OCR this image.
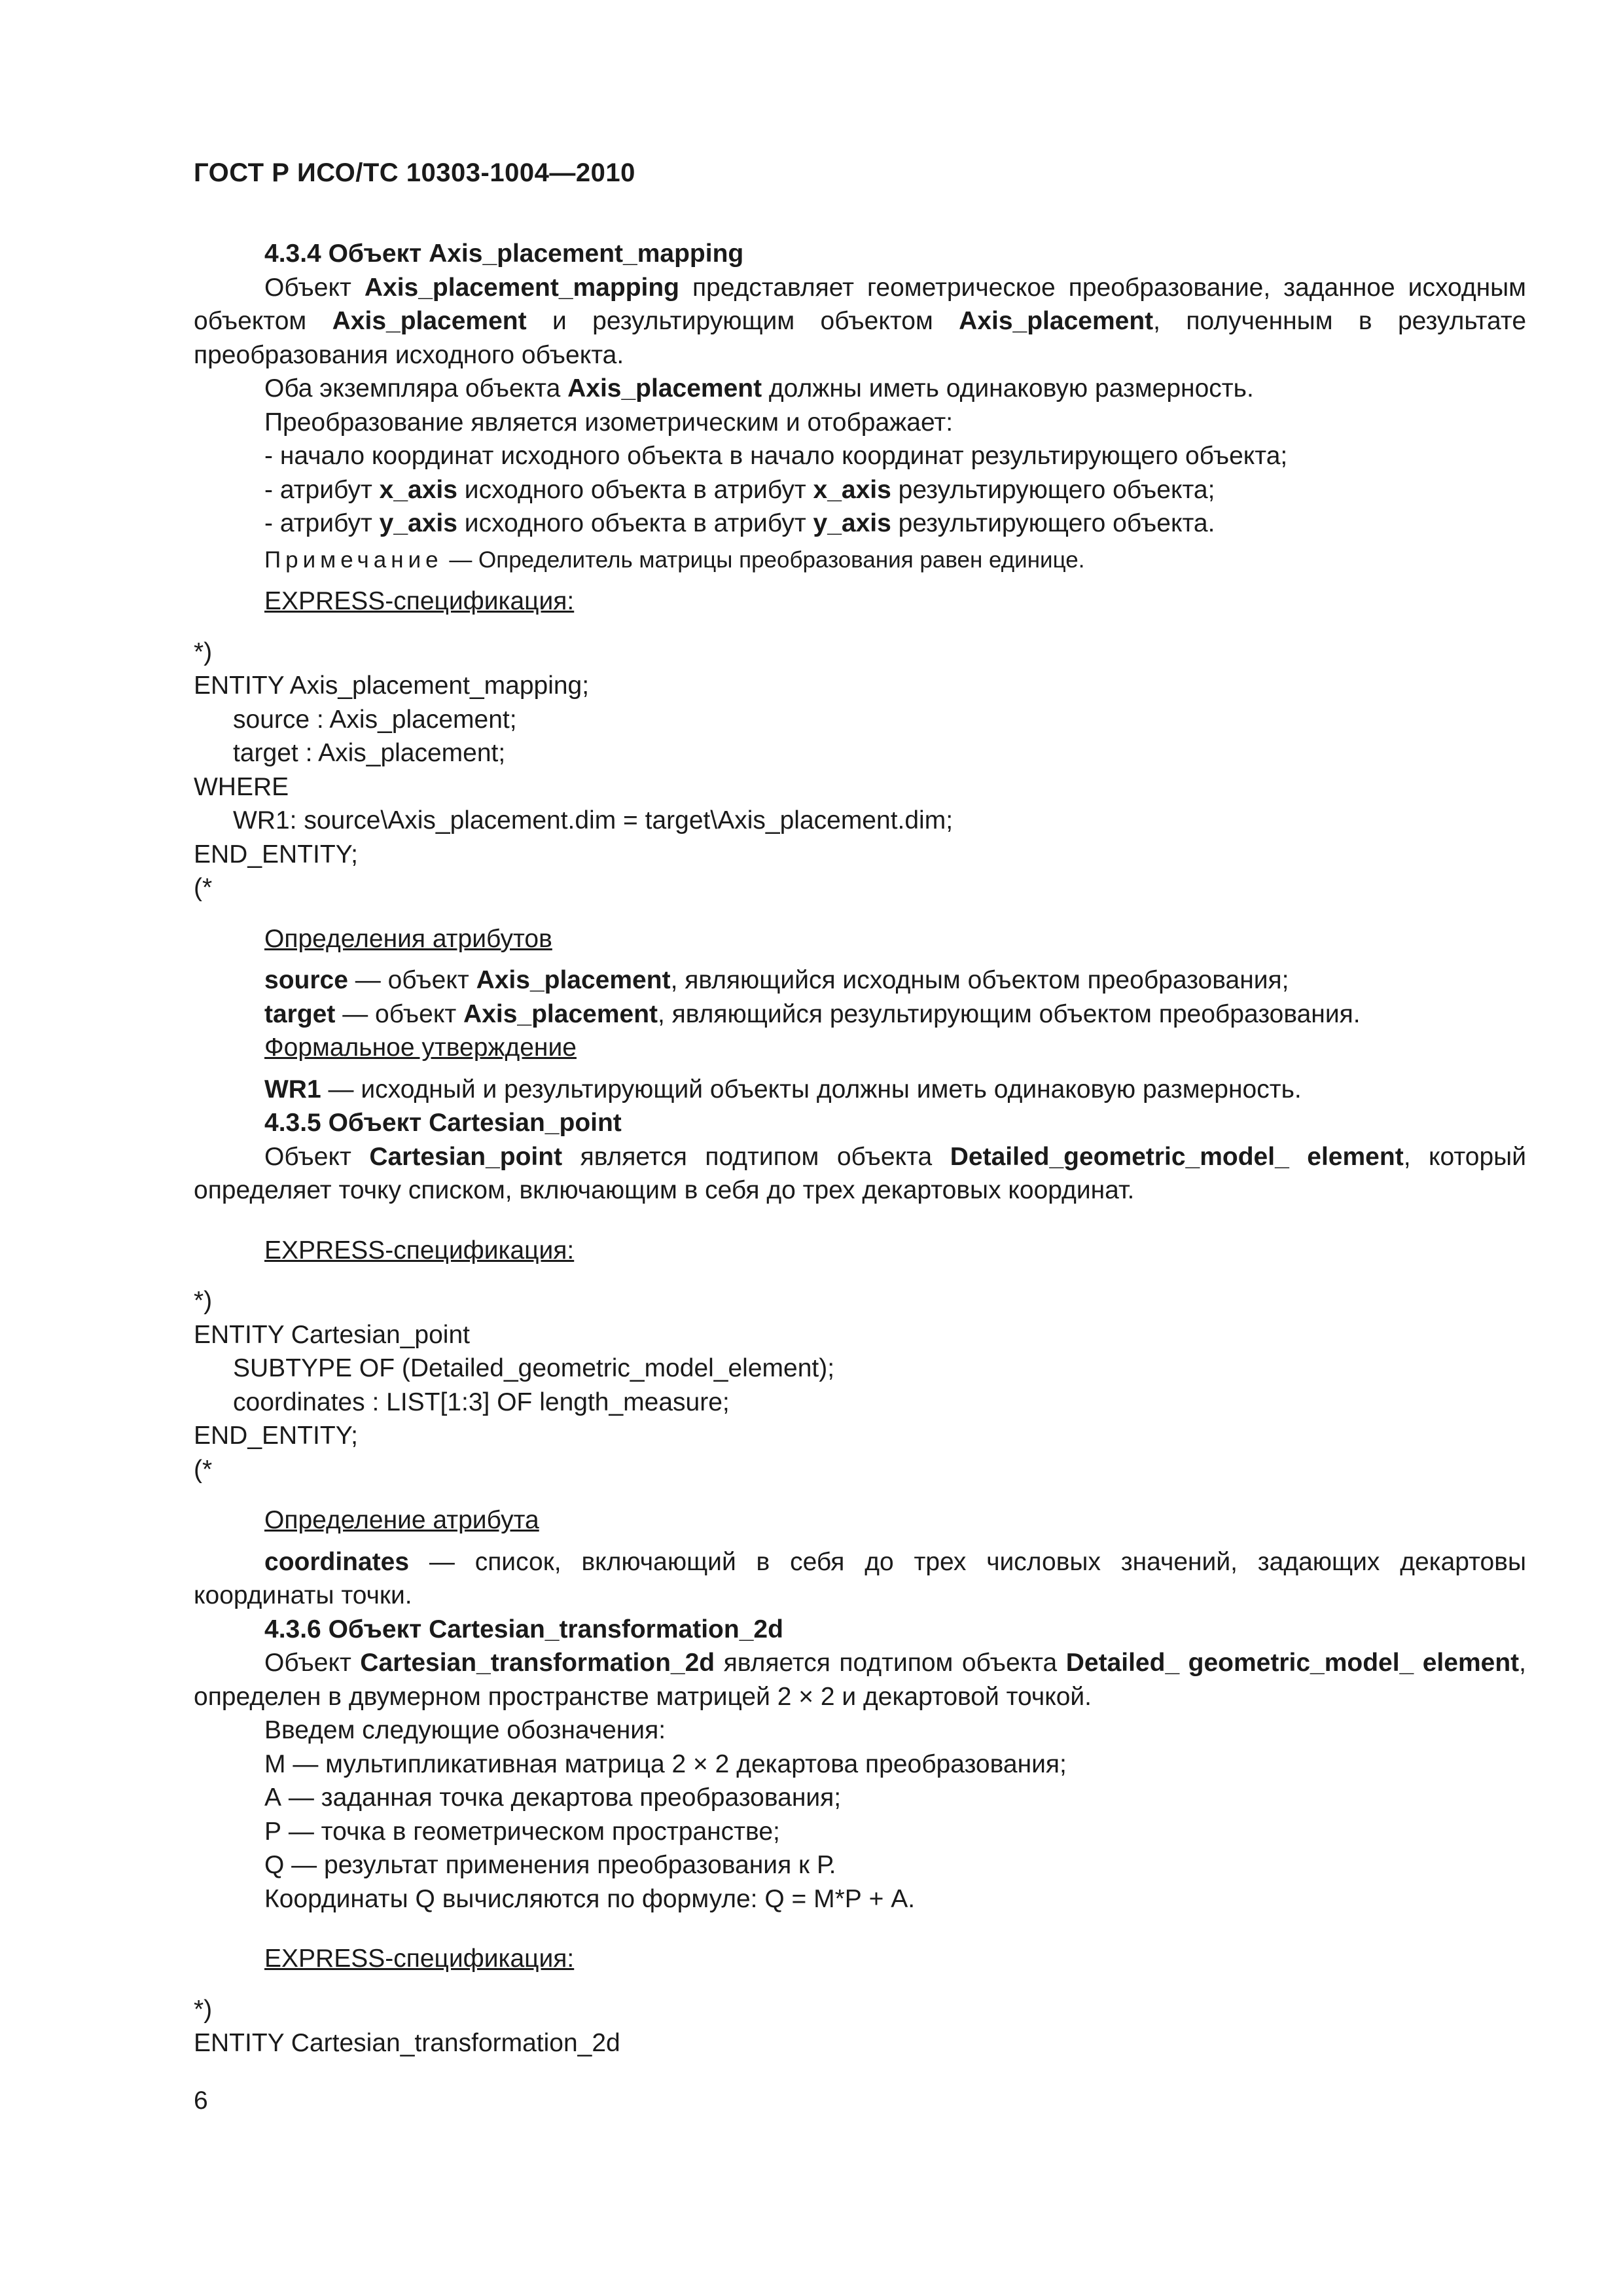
ГОСТ Р ИСО/ТС 10303-1004—2010

4.3.4 Объект Axis_placement_mapping

Объект Axis_placement_mapping представляет геометрическое преобразование, заданное исходным объектом Axis_placement и результирующим объектом Axis_placement, полученным в результате преобразования исходного объекта.

Оба экземпляра объекта Axis_placement должны иметь одинаковую размерность.

Преобразование является изометрическим и отображает:

- начало координат исходного объекта в начало координат результирующего объекта;

- атрибут x_axis исходного объекта в атрибут x_axis результирующего объекта;

- атрибут y_axis исходного объекта в атрибут y_axis результирующего объекта.

Примечание — Определитель матрицы преобразования равен единице.

EXPRESS-спецификация:

*)

ENTITY Axis_placement_mapping;

source : Axis_placement;

target : Axis_placement;

WHERE

WR1: source\Axis_placement.dim = target\Axis_placement.dim;

END_ENTITY;

(*

Определения атрибутов

source — объект Axis_placement, являющийся исходным объектом преобразования;

target — объект Axis_placement, являющийся результирующим объектом преобразования.

Формальное утверждение

WR1 — исходный и результирующий объекты должны иметь одинаковую размерность.

4.3.5 Объект Cartesian_point

Объект Cartesian_point является подтипом объекта Detailed_geometric_model_ element, который определяет точку списком, включающим в себя до трех декартовых координат.

EXPRESS-спецификация:

*)

ENTITY Cartesian_point

SUBTYPE OF (Detailed_geometric_model_element);

coordinates : LIST[1:3] OF length_measure;

END_ENTITY;

(*

Определение атрибута

coordinates — список, включающий в себя до трех числовых значений, задающих декартовы координаты точки.

4.3.6 Объект Cartesian_transformation_2d

Объект Cartesian_transformation_2d является подтипом объекта Detailed_ geometric_model_ element, определен в двумерном пространстве матрицей 2 × 2 и декартовой точкой.

Введем следующие обозначения:

М — мультипликативная матрица 2 × 2 декартова преобразования;

А — заданная точка декартова преобразования;

Р — точка в геометрическом пространстве;

Q — результат применения преобразования к Р.

Координаты Q вычисляются по формуле: Q = М*Р + А.

EXPRESS-спецификация:

*)

ENTITY Cartesian_transformation_2d

6
